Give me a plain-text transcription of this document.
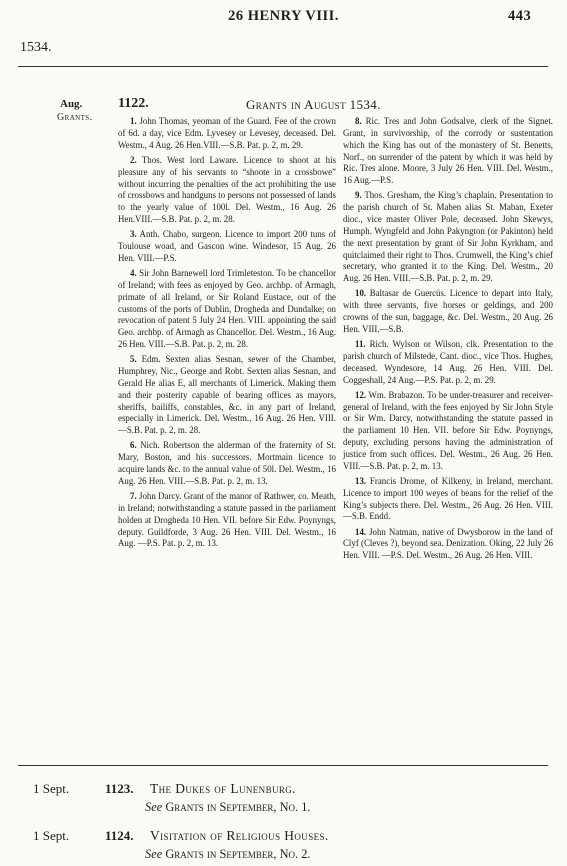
26 HENRY VIII.	443
1534.
Aug.
Grants.
1122.	Grants in August 1534.

1. John Thomas, yeoman of the Guard. Fee of the crown of 6d. a day, vice Edm. Lyvesey or Levesey, deceased. Del. Westm., 4 Aug. 26 Hen.VIII.—S.B. Pat. p. 2, m. 29.

2. Thos. West lord Laware. Licence to shoot at his pleasure any of his servants to “shoote in a crossbowe” without incurring the penalties of the act prohibiting the use of crossbows and handguns to persons not possessed of lands to the yearly value of 100l. Del. Westm., 16 Aug. 26 Hen.VIII.—S.B. Pat. p. 2, m. 28.

3. Anth. Chabo, surgeon. Licence to import 200 tuns of Toulouse woad, and Gascon wine. Windesor, 15 Aug. 26 Hen. VIII.—P.S.

4. Sir John Barnewell lord Trimleteston. To be chancellor of Ireland; with fees as enjoyed by Geo. archbp. of Armagh, primate of all Ireland, or Sir Roland Eustace, out of the customs of the ports of Dublin, Drogheda and Dundalke; on revocation of patent 5 July 24 Hen. VIII. appointing the said Geo. archbp. of Armagh as Chancellor. Del. Westm., 16 Aug. 26 Hen. VIII.—S.B. Pat. p. 2, m. 28.

5. Edm. Sexten alias Sesnan, sewer of the Chamber, Humphrey, Nic., George and Robt. Sexten alias Sesnan, and Gerald He alias E, all merchants of Limerick. Making them and their posterity capable of bearing offices as mayors, sheriffs, bailiffs, constables, &c. in any part of Ireland, especially in Limerick. Del. Westm., 16 Aug. 26 Hen. VIII.—S.B. Pat. p. 2, m. 28.

6. Nich. Robertson the alderman of the fraternity of St. Mary, Boston, and his successors. Mortmain licence to acquire lands &c. to the annual value of 50l. Del. Westm., 16 Aug. 26 Hen. VIII.—S.B. Pat. p. 2, m. 13.

7. John Darcy. Grant of the manor of Rathwer, co. Meath, in Ireland; notwithstanding a statute passed in the parliament holden at Drogheda 10 Hen. VII. before Sir Edw. Poynyngs, deputy. Guildforde, 3 Aug. 26 Hen. VIII. Del. Westm., 16 Aug. —P.S. Pat. p. 2, m. 13.

8. Ric. Tres and John Godsalve, clerk of the Signet. Grant, in survivorship, of the corrody or sustentation which the King has out of the monastery of St. Benetts, Norf., on surrender of the patent by which it was held by Ric. Tres alone. Moore, 3 July 26 Hen. VIII. Del. Westm., 16 Aug.—P.S.

9. Thos. Gresham, the King’s chaplain. Presentation to the parish church of St. Maben alias St. Maban, Exeter dioc., vice master Oliver Pole, deceased. John Skewys, Humph. Wyngfeld and John Pakyngton (or Pakinton) held the next presentation by grant of Sir John Kyrkham, and quitclaimed their right to Thos. Crumwell, the King’s chief secretary, who granted it to the King. Del. Westm., 20 Aug. 26 Hen. VIII.—S.B. Pat. p. 2, m. 29.

10. Baltasar de Guercüs. Licence to depart into Italy, with three servants, five horses or geldings, and 200 crowns of the sun, baggage, &c. Del. Westm., 20 Aug. 26 Hen. VIII.—S.B.

11. Rich. Wylson or Wilson, clk. Presentation to the parish church of Milstede, Cant. dioc., vice Thos. Hughes, deceased. Wyndesore, 14 Aug. 26 Hen. VIII. Del. Coggeshall, 24 Aug.—P.S. Pat. p. 2, m. 29.

12. Wm. Brabazon. To be under-treasurer and receiver-general of Ireland, with the fees enjoyed by Sir John Style or Sir Wm. Darcy, notwithstanding the statute passed in the parliament 10 Hen. VII. before Sir Edw. Poynyngs, deputy, excluding persons having the administration of justice from such offices. Del. Westm., 26 Aug. 26 Hen. VIII.—S.B. Pat. p. 2, m. 13.

13. Francis Drome, of Kilkeny, in Ireland, merchant. Licence to import 100 weyes of beans for the relief of the King’s subjects there. Del. Westm., 26 Aug. 26 Hen. VIII.—S.B. Endd.

14. John Natman, native of Dwysborow in the land of Clyf (Cleves ?), beyond sea. Denization. Oking, 22 July 26 Hen. VIII. —P.S. Del. Westm., 26 Aug. 26 Hen. VIII.

1 Sept.	1123. The Dukes of Lunenburg.
See Grants in September, No. 1.
1 Sept.	1124. Visitation of Religious Houses.
See Grants in September, No. 2.
